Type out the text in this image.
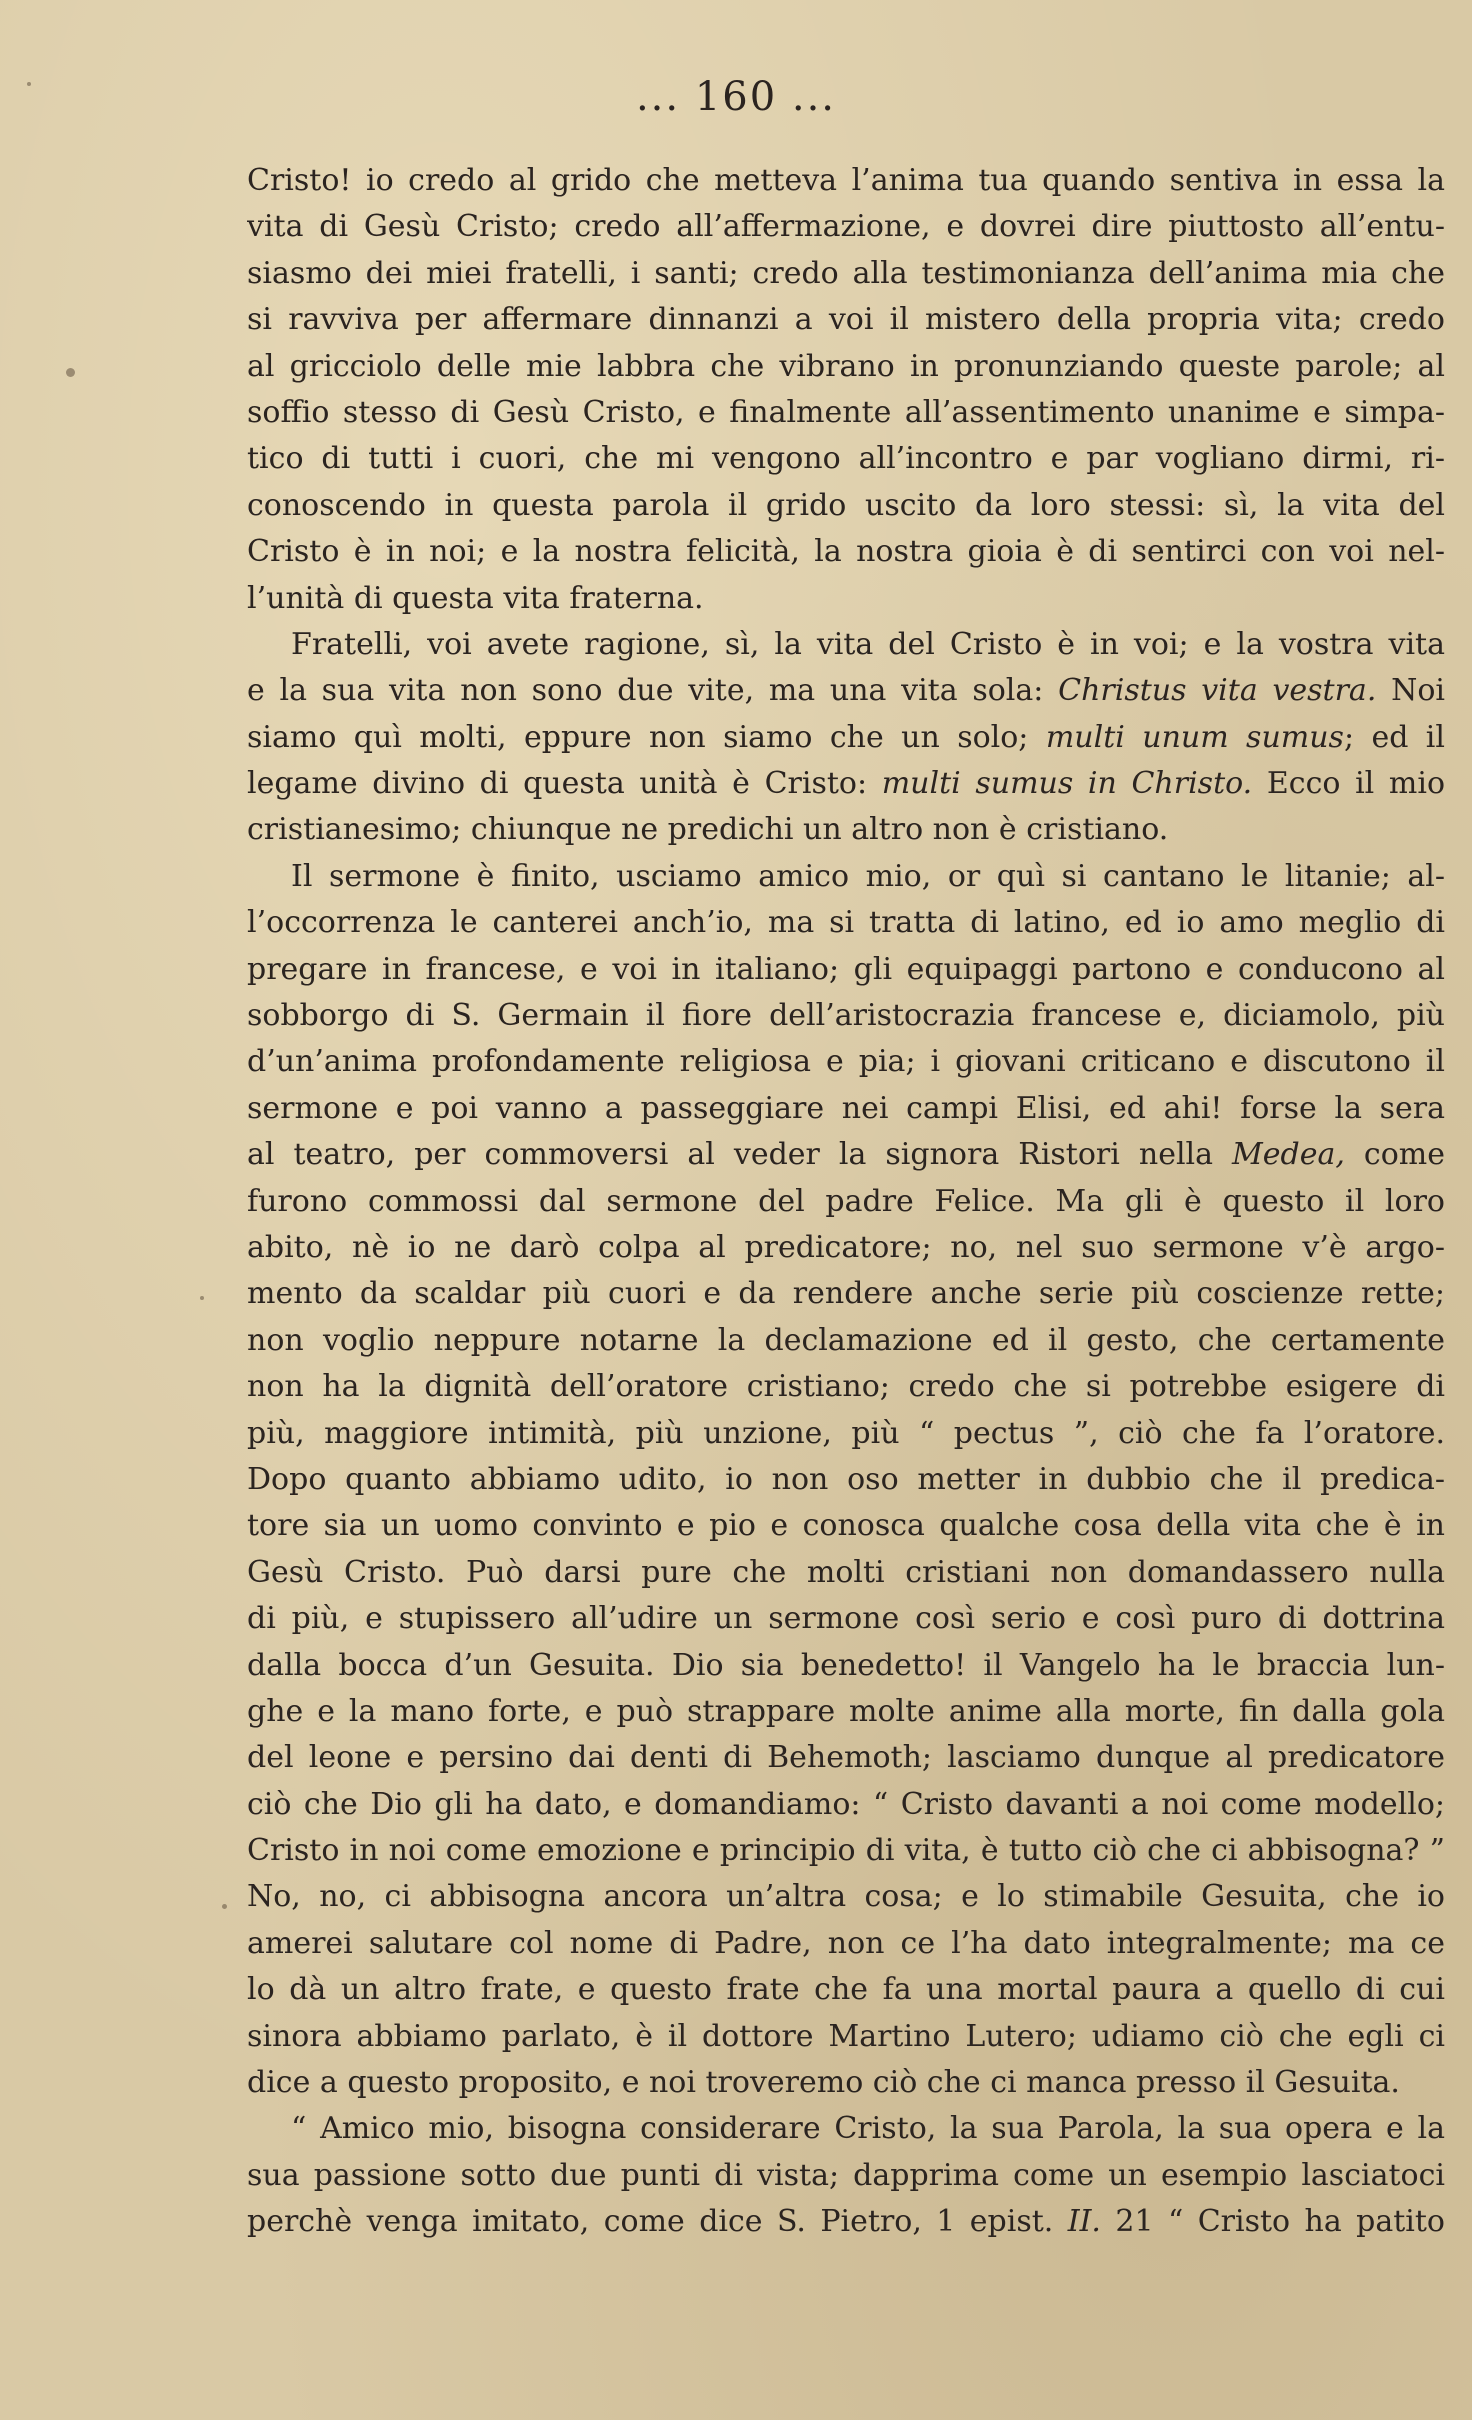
... 160 ...
Cristo! io credo al grido che metteva l’anima tua quando sentiva in essa la
vita di Gesù Cristo; credo all’affermazione, e dovrei dire piuttosto all’entu-
siasmo dei miei fratelli, i santi; credo alla testimonianza dell’anima mia che
si ravviva per affermare dinnanzi a voi il mistero della propria vita; credo
al gricciolo delle mie labbra che vibrano in pronunziando queste parole; al
soffio stesso di Gesù Cristo, e finalmente all’assentimento unanime e simpa-
tico di tutti i cuori, che mi vengono all’incontro e par vogliano dirmi, ri-
conoscendo in questa parola il grido uscito da loro stessi: sì, la vita del
Cristo è in noi; e la nostra felicità, la nostra gioia è di sentirci con voi nel-
l’unità di questa vita fraterna.
Fratelli, voi avete ragione, sì, la vita del Cristo è in voi; e la vostra vita
e la sua vita non sono due vite, ma una vita sola: Christus vita vestra. Noi
siamo quì molti, eppure non siamo che un solo; multi unum sumus; ed il
legame divino di questa unità è Cristo: multi sumus in Christo. Ecco il mio
cristianesimo; chiunque ne predichi un altro non è cristiano.
Il sermone è finito, usciamo amico mio, or quì si cantano le litanie; al-
l’occorrenza le canterei anch’io, ma si tratta di latino, ed io amo meglio di
pregare in francese, e voi in italiano; gli equipaggi partono e conducono al
sobborgo di S. Germain il fiore dell’aristocrazia francese e, diciamolo, più
d’un’anima profondamente religiosa e pia; i giovani criticano e discutono il
sermone e poi vanno a passeggiare nei campi Elisi, ed ahi! forse la sera
al teatro, per commoversi al veder la signora Ristori nella Medea, come
furono commossi dal sermone del padre Felice. Ma gli è questo il loro
abito, nè io ne darò colpa al predicatore; no, nel suo sermone v’è argo-
mento da scaldar più cuori e da rendere anche serie più coscienze rette;
non voglio neppure notarne la declamazione ed il gesto, che certamente
non ha la dignità dell’oratore cristiano; credo che si potrebbe esigere di
più, maggiore intimità, più unzione, più “ pectus ”, ciò che fa l’oratore.
Dopo quanto abbiamo udito, io non oso metter in dubbio che il predica-
tore sia un uomo convinto e pio e conosca qualche cosa della vita che è in
Gesù Cristo. Può darsi pure che molti cristiani non domandassero nulla
di più, e stupissero all’udire un sermone così serio e così puro di dottrina
dalla bocca d’un Gesuita. Dio sia benedetto! il Vangelo ha le braccia lun-
ghe e la mano forte, e può strappare molte anime alla morte, fin dalla gola
del leone e persino dai denti di Behemoth; lasciamo dunque al predicatore
ciò che Dio gli ha dato, e domandiamo: “ Cristo davanti a noi come modello;
Cristo in noi come emozione e principio di vita, è tutto ciò che ci abbisogna? ”
No, no, ci abbisogna ancora un’altra cosa; e lo stimabile Gesuita, che io
amerei salutare col nome di Padre, non ce l’ha dato integralmente; ma ce
lo dà un altro frate, e questo frate che fa una mortal paura a quello di cui
sinora abbiamo parlato, è il dottore Martino Lutero; udiamo ciò che egli ci
dice a questo proposito, e noi troveremo ciò che ci manca presso il Gesuita.
“ Amico mio, bisogna considerare Cristo, la sua Parola, la sua opera e la
sua passione sotto due punti di vista; dapprima come un esempio lasciatoci
perchè venga imitato, come dice S. Pietro, 1 epist. II. 21 “ Cristo ha patito
